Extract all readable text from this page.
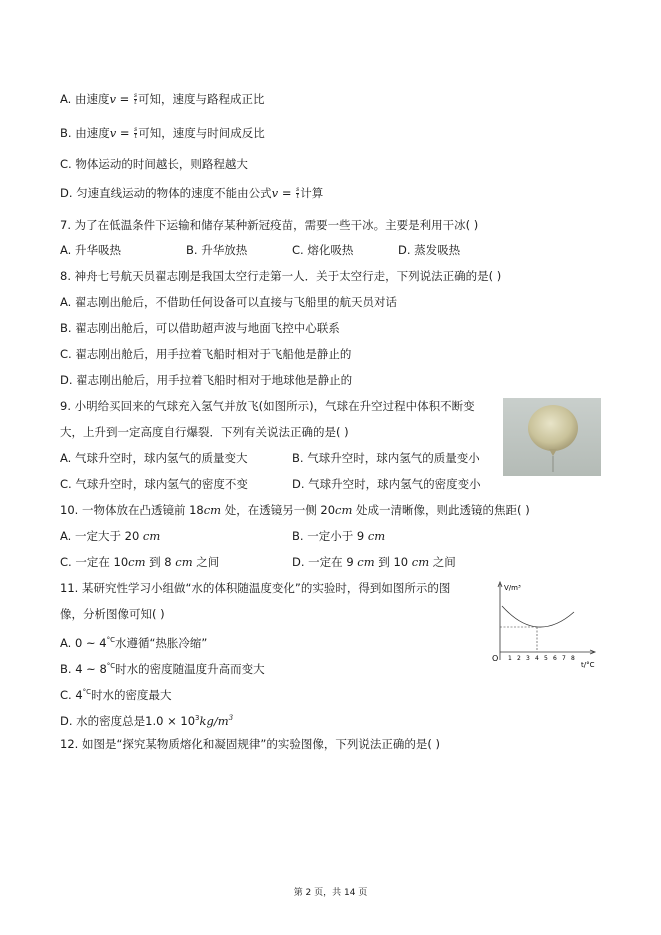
A. 由速度$v = \frac{s}{t}$ 可知，速度与路程成正比
B. 由速度$v = \frac{s}{t}$ 可知，速度与时间成反比
C. 物体运动的时间越长，则路程越大
D. 匀速直线运动的物体的速度不能由公式$v = \frac{s}{t}$ 计算
7. 为了在低温条件下运输和储存某种新冠疫苗，需要一些干冰。主要是利用干冰( )
A. 升华吸热	B. 升华放热	C. 熔化吸热	D. 蒸发吸热
8. 神舟七号航天员翟志刚是我国太空行走第一人．关于太空行走，下列说法正确的是( )
A. 翟志刚出舱后，不借助任何设备可以直接与飞船里的航天员对话
B. 翟志刚出舱后，可以借助超声波与地面飞控中心联系
C. 翟志刚出舱后，用手拉着飞船时相对于飞船他是静止的
D. 翟志刚出舱后，用手拉着飞船时相对于地球他是静止的
9. 小明给买回来的气球充入氢气并放飞(如图所示)，气球在升空过程中体积不断变
大，上升到一定高度自行爆裂．下列有关说法正确的是( )
A. 气球升空时，球内氢气的质量变大	B. 气球升空时，球内氢气的质量变小
C. 气球升空时，球内氢气的密度不变	D. 气球升空时，球内氢气的密度变小
10. 一物体放在凸透镜前 18cm 处，在透镜另一侧 20cm 处成一清晰像，则此透镜的焦距( )
A. 一定大于 20 cm	B. 一定小于 9 cm
C. 一定在 10cm 到 8 cm 之间	D. 一定在 9 cm 到 10 cm 之间
11. 某研究性学习小组做“水的体积随温度变化”的实验时，得到如图所示的图
像，分析图像可知( )
A. 0 ~ $4^{^\circ C}$水遵循“热胀冷缩”
B. 4 ~ $8^{^\circ C}$时水的密度随温度升高而变大
C. $4^{^\circ C}$时水的密度最大
D. 水的密度总是$1.0 \times 10^3kg/m^3$
V/m³
O 1 2 3 4 5 6 7 8
t/°C
12. 如图是“探究某物质熔化和凝固规律”的实验图像，下列说法正确的是( )
第 2 页，共 14 页
